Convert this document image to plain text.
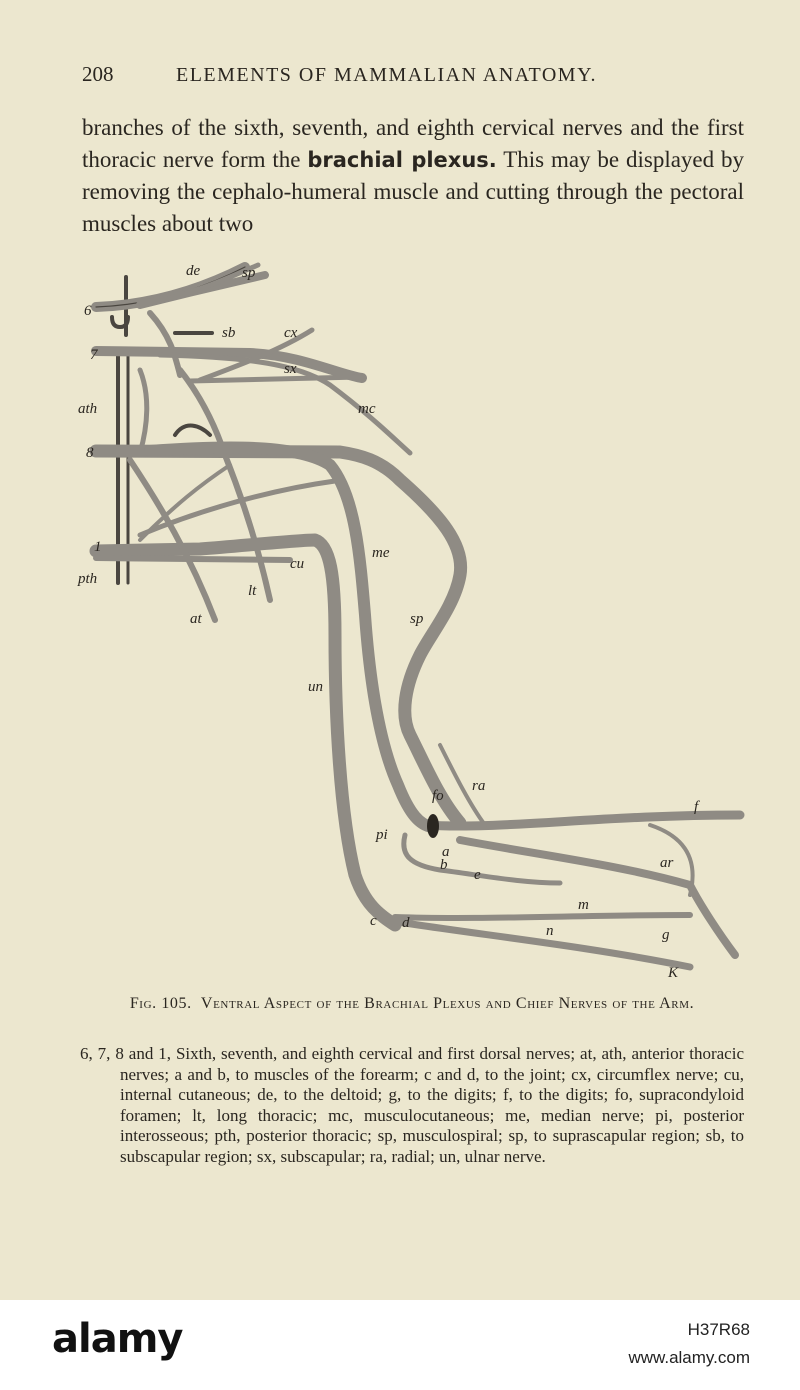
208	ELEMENTS OF MAMMALIAN ANATOMY.

branches of the sixth, seventh, and eighth cervical nerves and the first thoracic nerve form the brachial plexus. This may be displayed by removing the cephalo-humeral muscle and cutting through the pectoral muscles about two

de	sp
6
sb	cx
7
sx
ath	mc
8
1
cu
me
pth
lt
at	sp
un
ra
fo
f
pi
a
b
e
ar
m
c d	n	g
K

Fig. 105. Ventral Aspect of the Brachial Plexus and Chief Nerves of the Arm.

6, 7, 8 and 1, Sixth, seventh, and eighth cervical and first dorsal nerves; at, ath, anterior thoracic nerves; a and b, to muscles of the forearm; c and d, to the joint; cx, circumflex nerve; cu, internal cutaneous; de, to the deltoid; g, to the digits; f, to the digits; fo, supracondyloid foramen; lt, long thoracic; mc, musculocutaneous; me, median nerve; pi, posterior interosseous; pth, posterior thoracic; sp, musculospiral; sp, to suprascapular region; sb, to subscapular region; sx, subscapular; ra, radial; un, ulnar nerve.

alamy	H37R68
www.alamy.com
